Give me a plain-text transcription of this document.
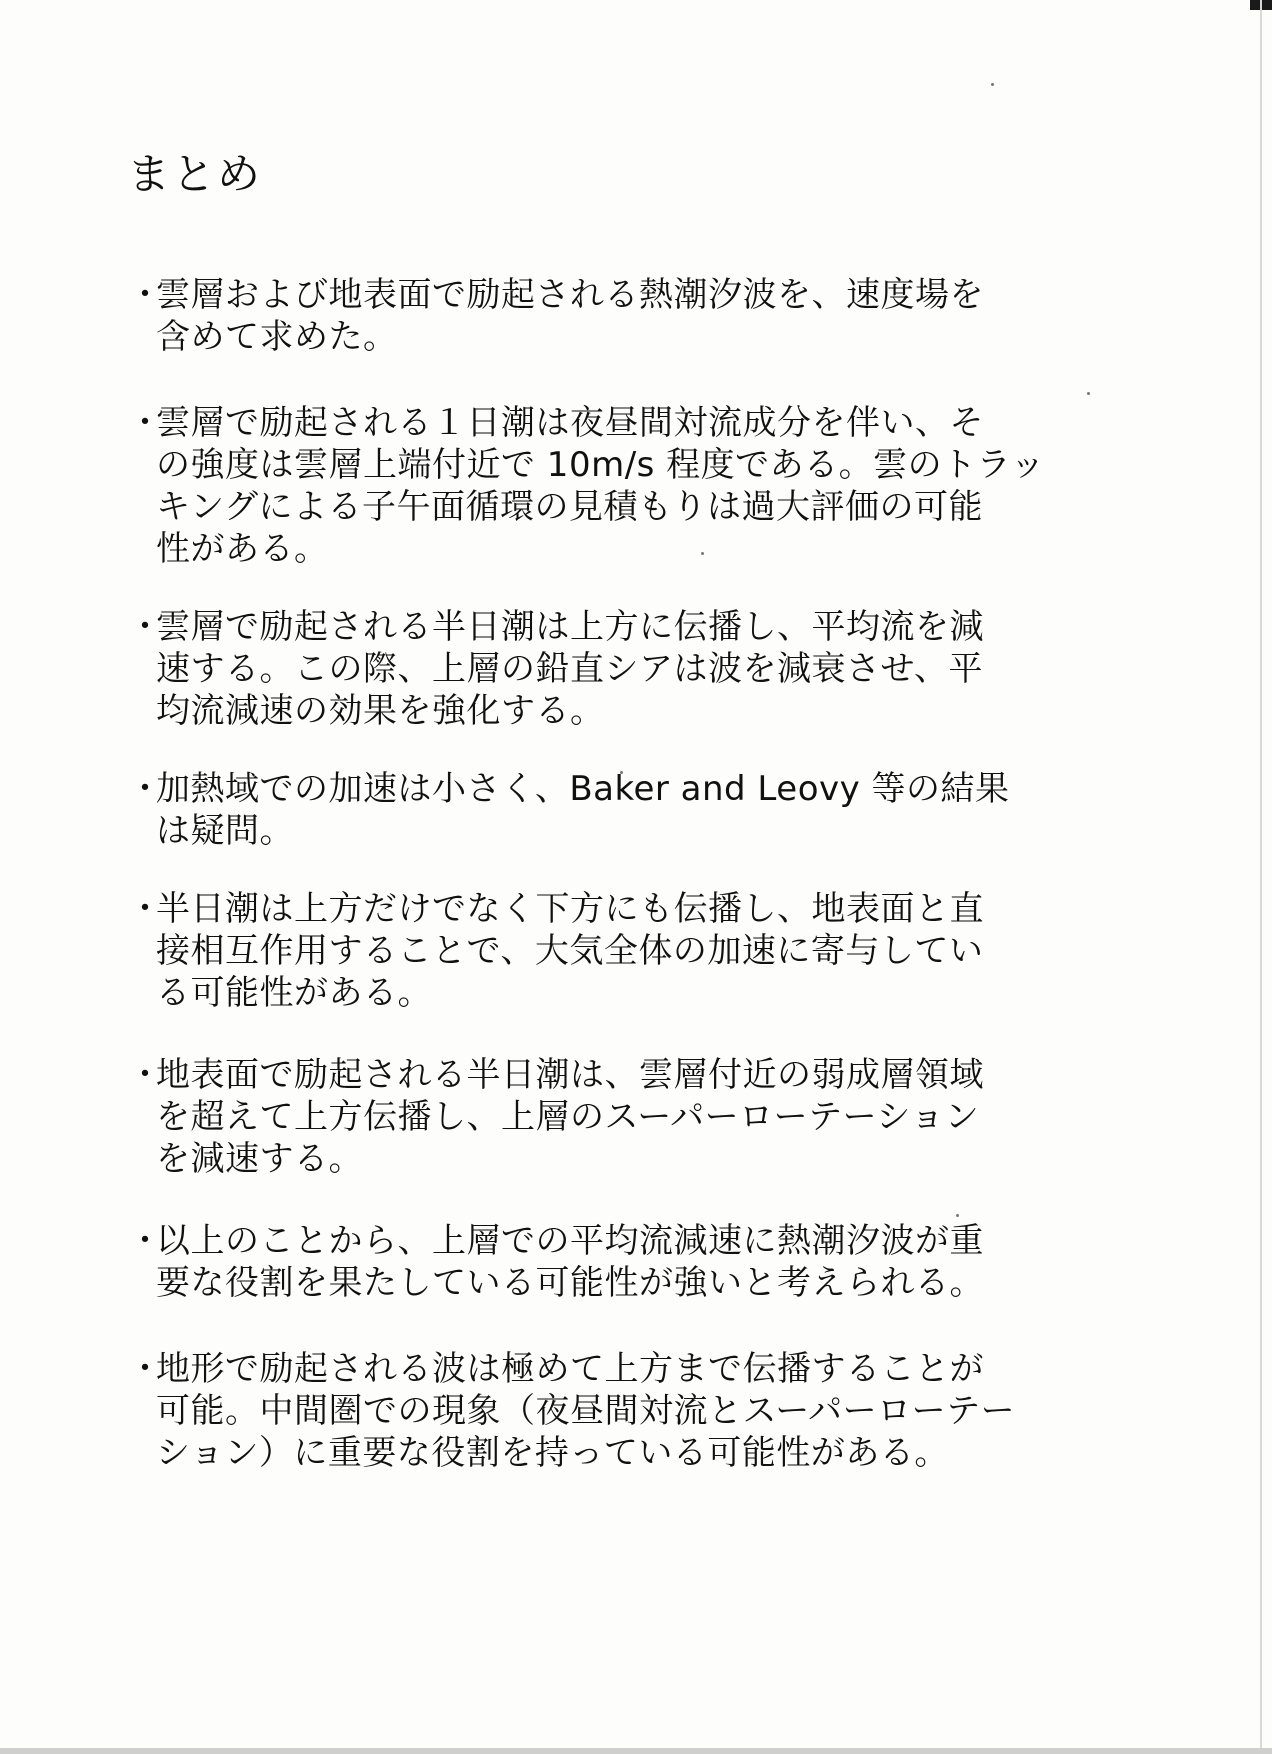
まとめ
・
雲層および地表面で励起される熱潮汐波を、速度場を
含めて求めた。
・
雲層で励起される１日潮は夜昼間対流成分を伴い、そ
の強度は雲層上端付近で 10m/s 程度である。雲のトラッ
キングによる子午面循環の見積もりは過大評価の可能
性がある。
・
雲層で励起される半日潮は上方に伝播し、平均流を減
速する。この際、上層の鉛直シアは波を減衰させ、平
均流減速の効果を強化する。
・
加熱域での加速は小さく、Baker and Leovy 等の結果
は疑問。
・
半日潮は上方だけでなく下方にも伝播し、地表面と直
接相互作用することで、大気全体の加速に寄与してい
る可能性がある。
・
地表面で励起される半日潮は、雲層付近の弱成層領域
を超えて上方伝播し、上層のスーパーローテーション
を減速する。
・
以上のことから、上層での平均流減速に熱潮汐波が重
要な役割を果たしている可能性が強いと考えられる。
・
地形で励起される波は極めて上方まで伝播することが
可能。中間圏での現象（夜昼間対流とスーパーローテー
ション）に重要な役割を持っている可能性がある。
